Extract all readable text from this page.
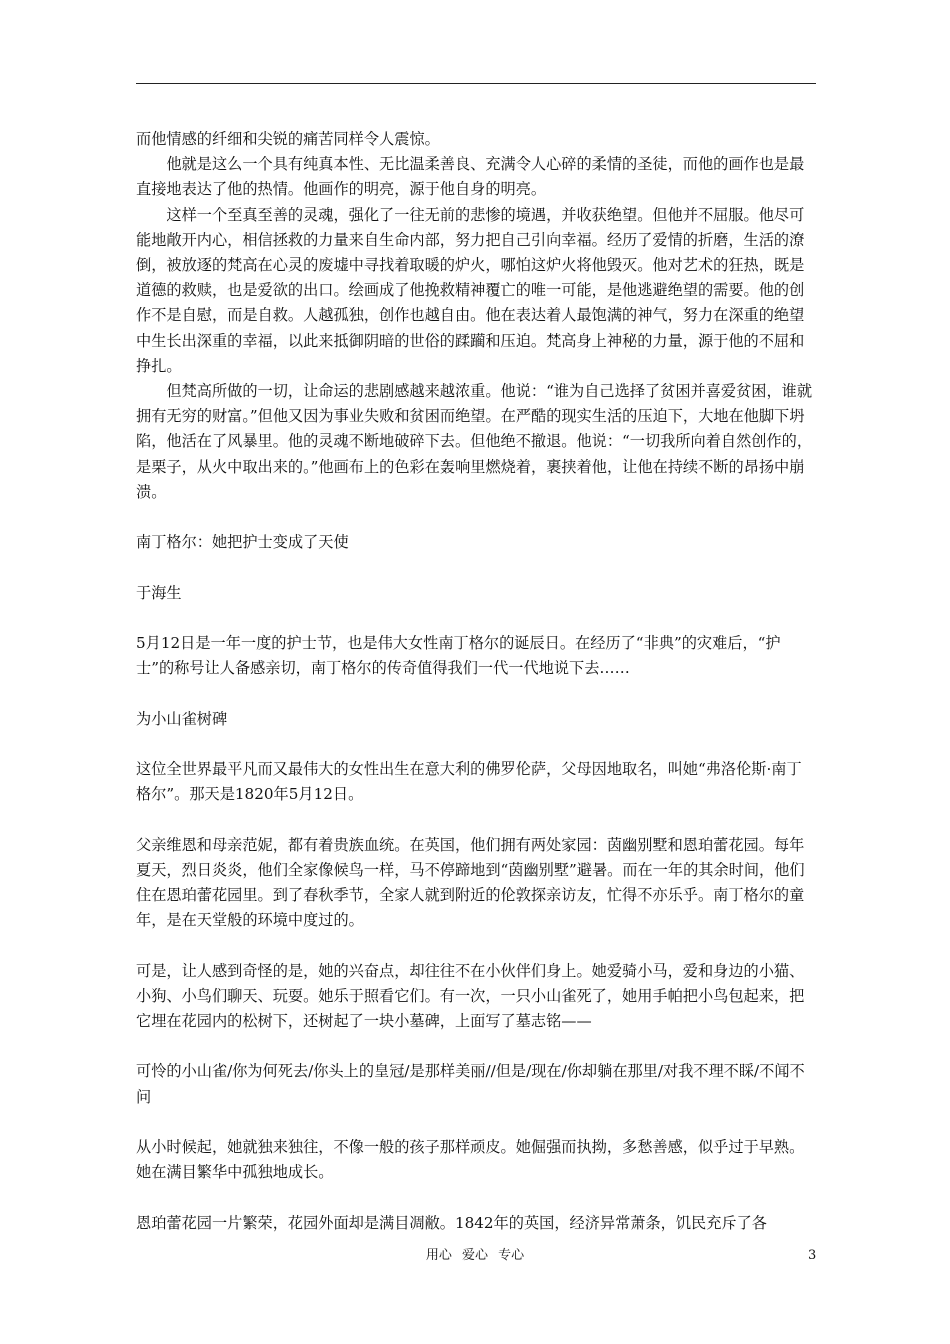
而他情感的纤细和尖锐的痛苦同样令人震惊。

他就是这么一个具有纯真本性、无比温柔善良、充满令人心碎的柔情的圣徒，而他的画作也是最直接地表达了他的热情。他画作的明亮，源于他自身的明亮。

这样一个至真至善的灵魂，强化了一往无前的悲惨的境遇，并收获绝望。但他并不屈服。他尽可能地敞开内心，相信拯救的力量来自生命内部，努力把自己引向幸福。经历了爱情的折磨，生活的潦倒，被放逐的梵高在心灵的废墟中寻找着取暖的炉火，哪怕这炉火将他毁灭。他对艺术的狂热，既是道德的救赎，也是爱欲的出口。绘画成了他挽救精神覆亡的唯一可能，是他逃避绝望的需要。他的创作不是自慰，而是自救。人越孤独，创作也越自由。他在表达着人最饱满的神气，努力在深重的绝望中生长出深重的幸福，以此来抵御阴暗的世俗的蹂躏和压迫。梵高身上神秘的力量，源于他的不屈和挣扎。

但梵高所做的一切，让命运的悲剧感越来越浓重。他说：“谁为自己选择了贫困并喜爱贫困，谁就拥有无穷的财富。”但他又因为事业失败和贫困而绝望。在严酷的现实生活的压迫下，大地在他脚下坍陷，他活在了风暴里。他的灵魂不断地破碎下去。但他绝不撤退。他说：“一切我所向着自然创作的，是栗子，从火中取出来的。”他画布上的色彩在轰响里燃烧着，裹挟着他，让他在持续不断的昂扬中崩溃。

南丁格尔：她把护士变成了天使

于海生

5月12日是一年一度的护士节，也是伟大女性南丁格尔的诞辰日。在经历了“非典”的灾难后，“护士”的称号让人备感亲切，南丁格尔的传奇值得我们一代一代地说下去……

为小山雀树碑

这位全世界最平凡而又最伟大的女性出生在意大利的佛罗伦萨，父母因地取名，叫她“弗洛伦斯·南丁格尔”。那天是1820年5月12日。

父亲维恩和母亲范妮，都有着贵族血统。在英国，他们拥有两处家园：茵幽别墅和恩珀蕾花园。每年夏天，烈日炎炎，他们全家像候鸟一样，马不停蹄地到“茵幽别墅”避暑。而在一年的其余时间，他们住在恩珀蕾花园里。到了春秋季节，全家人就到附近的伦敦探亲访友，忙得不亦乐乎。南丁格尔的童年，是在天堂般的环境中度过的。

可是，让人感到奇怪的是，她的兴奋点，却往往不在小伙伴们身上。她爱骑小马，爱和身边的小猫、小狗、小鸟们聊天、玩耍。她乐于照看它们。有一次，一只小山雀死了，她用手帕把小鸟包起来，把它埋在花园内的松树下，还树起了一块小墓碑，上面写了墓志铭——

可怜的小山雀/你为何死去/你头上的皇冠/是那样美丽//但是/现在/你却躺在那里/对我不理不睬/不闻不问

从小时候起，她就独来独往，不像一般的孩子那样顽皮。她倔强而执拗，多愁善感，似乎过于早熟。她在满目繁华中孤独地成长。

恩珀蕾花园一片繁荣，花园外面却是满目凋敝。1842年的英国，经济异常萧条，饥民充斥了各

用心 爱心 专心	3
